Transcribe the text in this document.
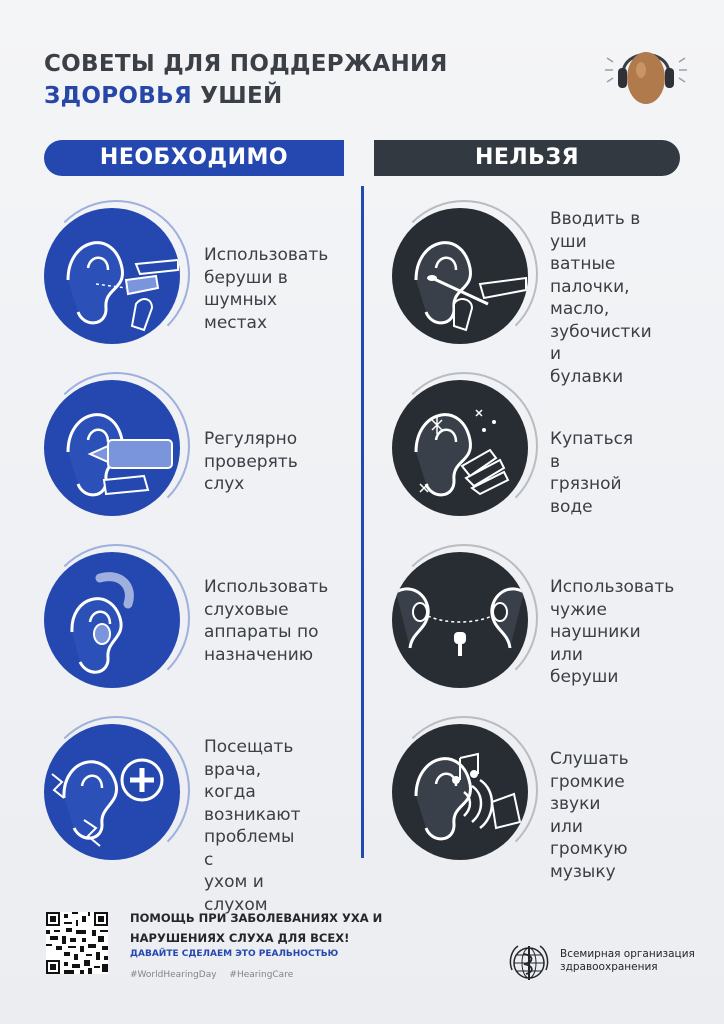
СОВЕТЫ ДЛЯ ПОДДЕРЖАНИЯ
ЗДОРОВЬЯ УШЕЙ
НЕОБХОДИМО	НЕЛЬЗЯ
Использовать
беруши в
шумных местах
Регулярно
проверять слух
Использовать
слуховые
аппараты по
назначению
Посещать
врача, когда
возникают
проблемы с
ухом и слухом
Вводить в
уши ватные
палочки,
масло,
зубочистки и
булавки
Купаться в
грязной воде
Использовать
чужие
наушники или
беруши
Слушать
громкие звуки
или громкую
музыку
ПОМОЩЬ ПРИ ЗАБОЛЕВАНИЯХ УХА И
НАРУШЕНИЯХ СЛУХА ДЛЯ ВСЕХ!
ДАВАЙТЕ СДЕЛАЕМ ЭТО РЕАЛЬНОСТЬЮ
#WorldHearingDay #HearingCare
Всемирная организация
здравоохранения
